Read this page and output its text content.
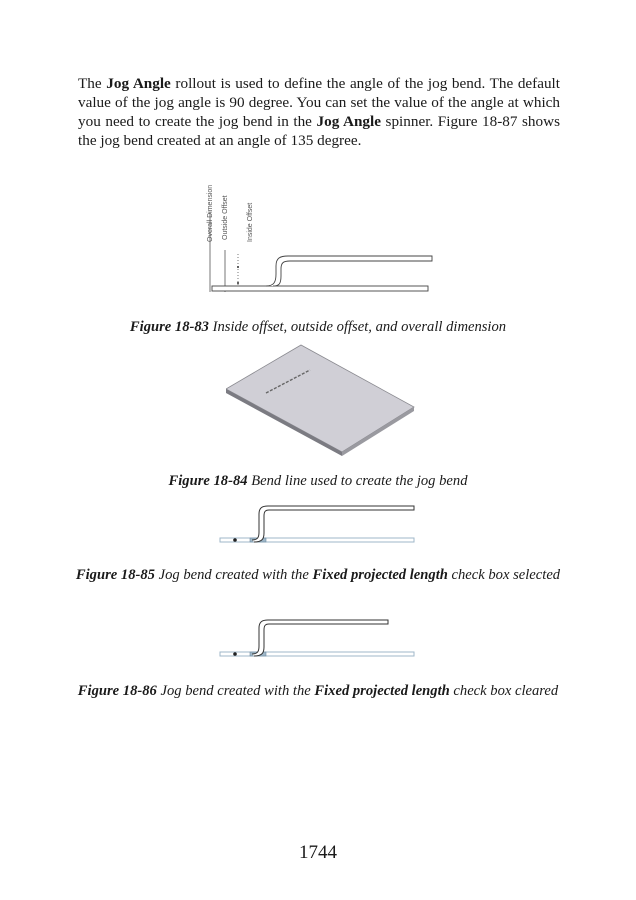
The Jog Angle rollout is used to define the angle of the jog bend. The default value of the jog angle is 90 degree. You can set the value of the angle at which you need to create the jog bend in the Jog Angle spinner. Figure 18-87 shows the jog bend created at an angle of 135 degree.

Overall Dimension Outside Offset	Inside Offset

Figure 18-83 Inside offset, outside offset, and overall dimension

Figure 18-84 Bend line used to create the jog bend

Figure 18-85 Jog bend created with the Fixed projected length check box selected

Figure 18-86 Jog bend created with the Fixed projected length check box cleared

1744
